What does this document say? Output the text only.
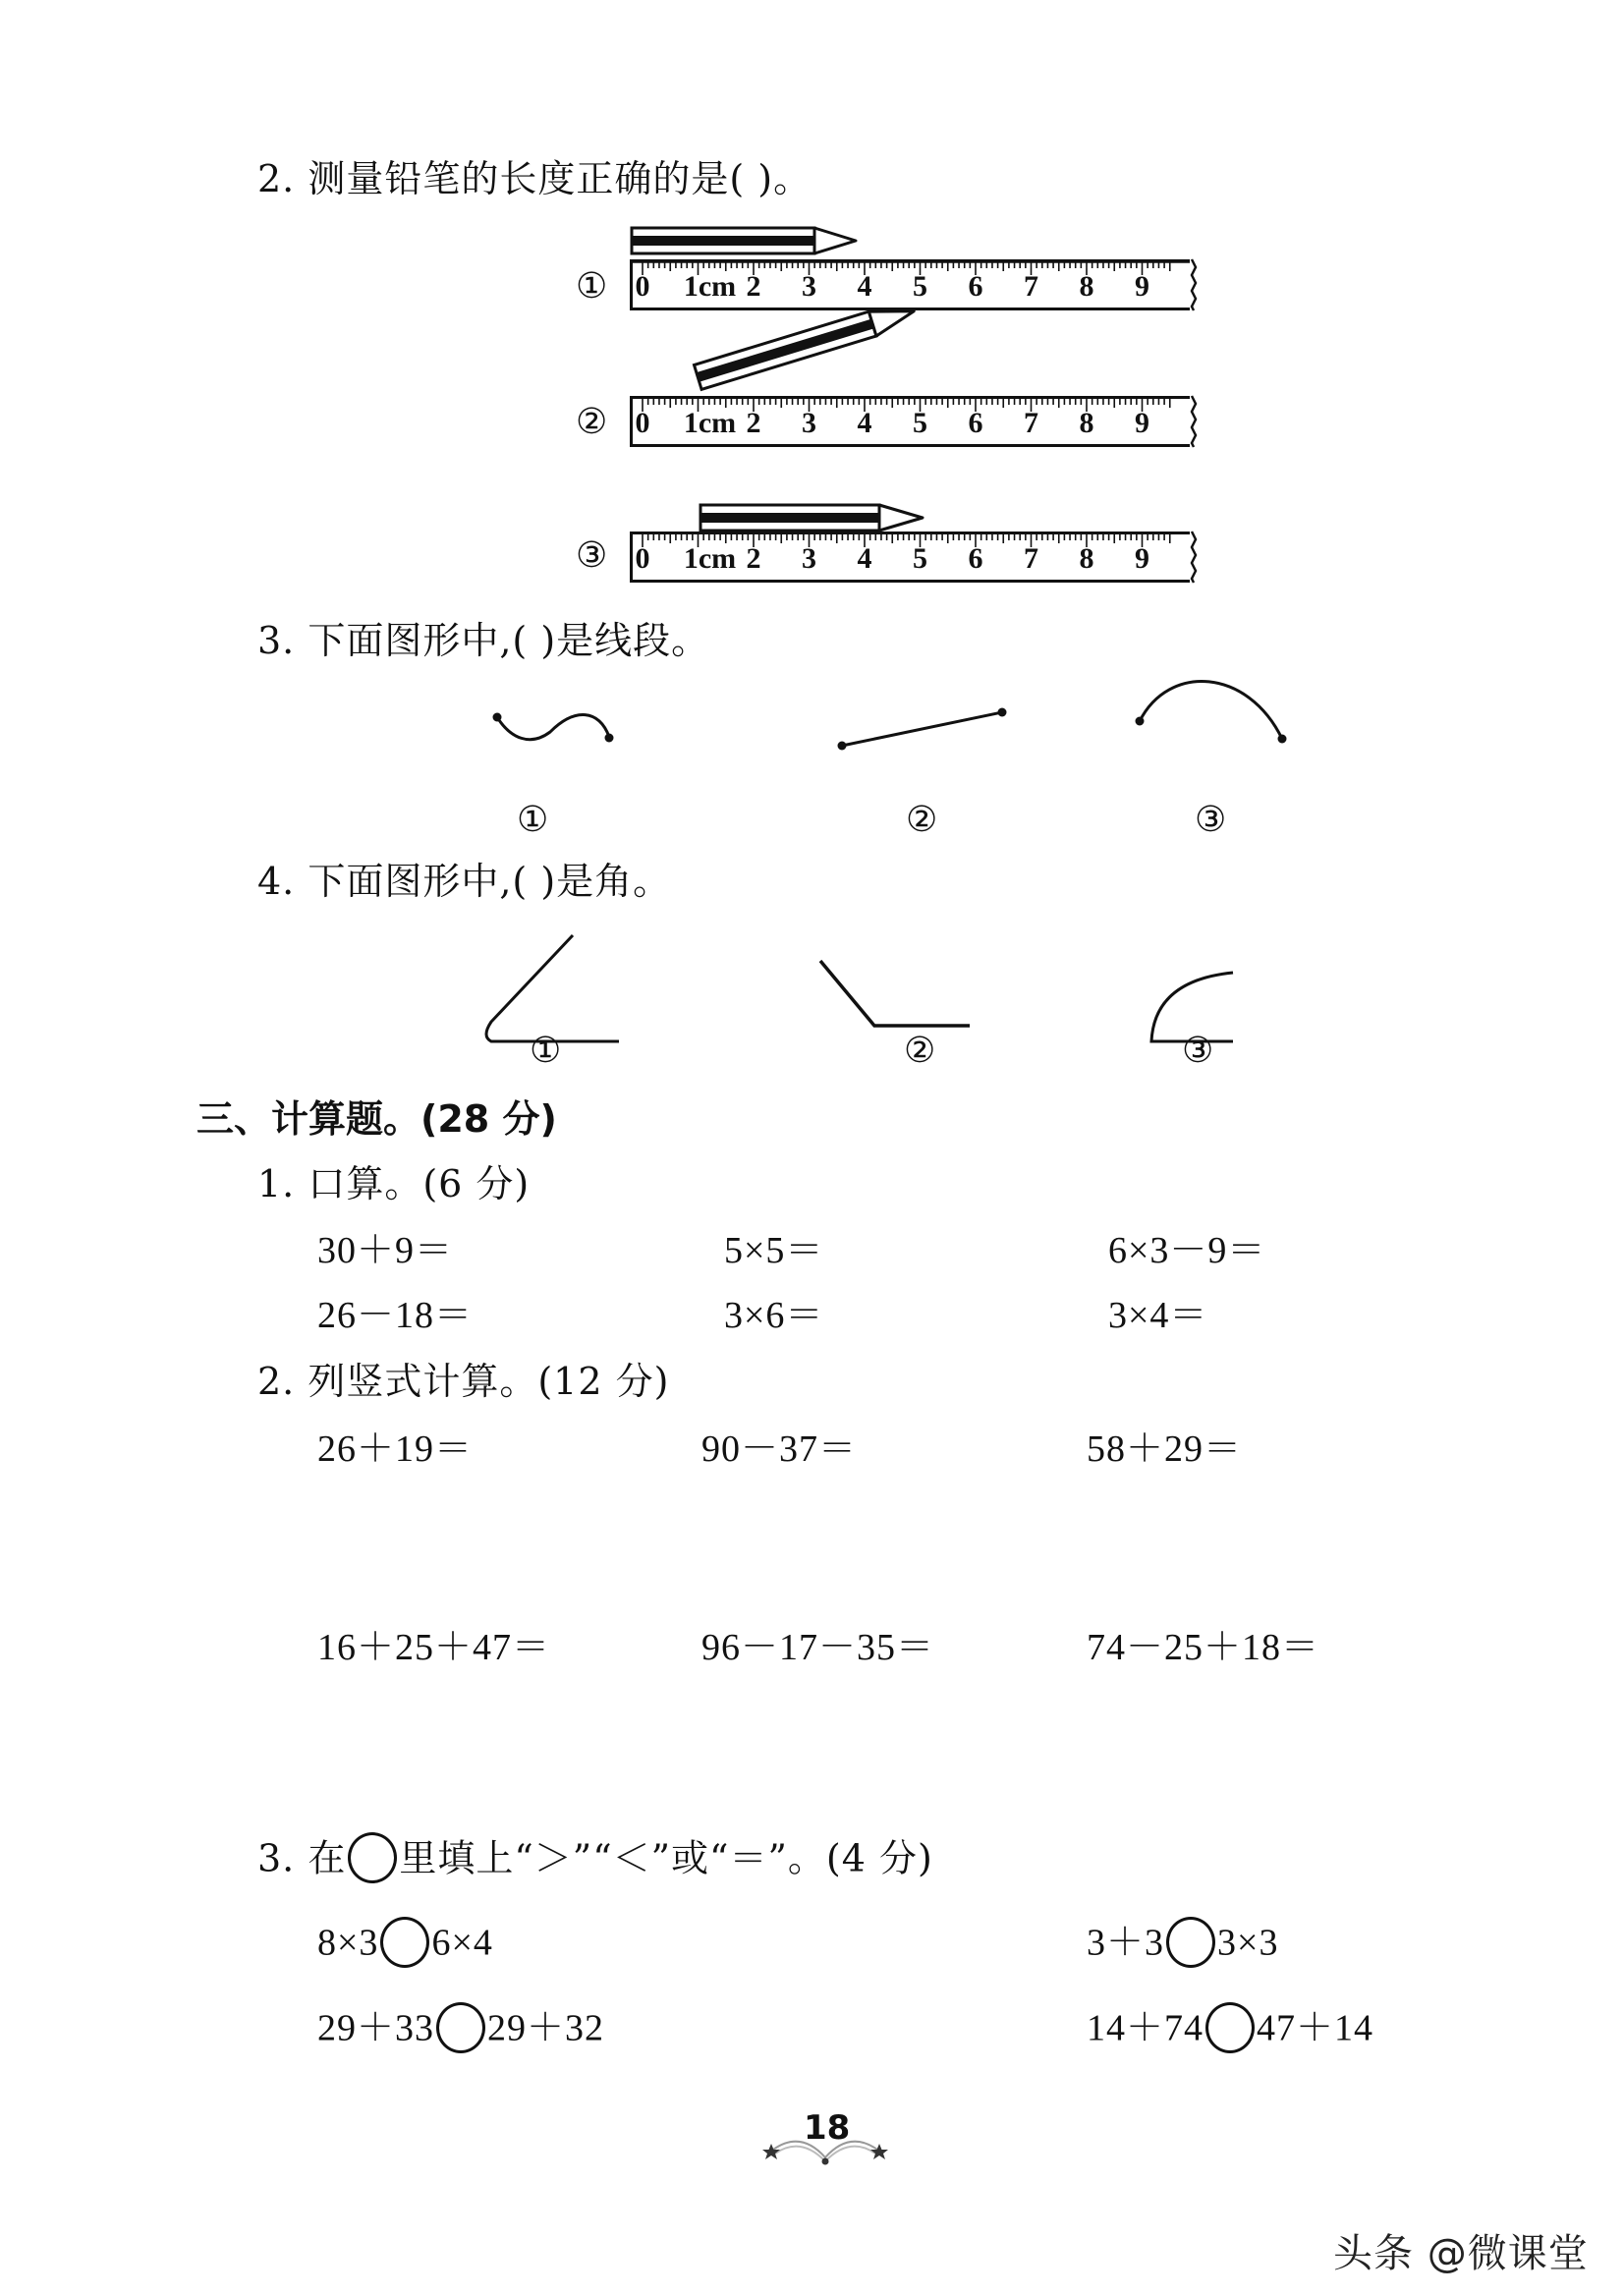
2. 测量铅笔的长度正确的是( )。
① 0 1cm 2 3 4 5 6 7 8 9
② 0 1cm 2 3 4 5 6 7 8 9
③ 0 1cm 2 3 4 5 6 7 8 9
3. 下面图形中,( )是线段。
①	②	③
4. 下面图形中,( )是角。
①	②	③
三、计算题。(28 分)
1. 口算。(6 分)
30＋9＝	5×5＝	6×3－9＝
26－18＝	3×6＝	3×4＝
2. 列竖式计算。(12 分)
26＋19＝	90－37＝	58＋29＝
16＋25＋47＝	96－17－35＝	74－25＋18＝
3. 在 里填上“＞”“＜”或“＝”。(4 分)
8×3 6×4	3＋3 3×3
29＋33 29＋32	14＋74 47＋14
18
头条 @微课堂
